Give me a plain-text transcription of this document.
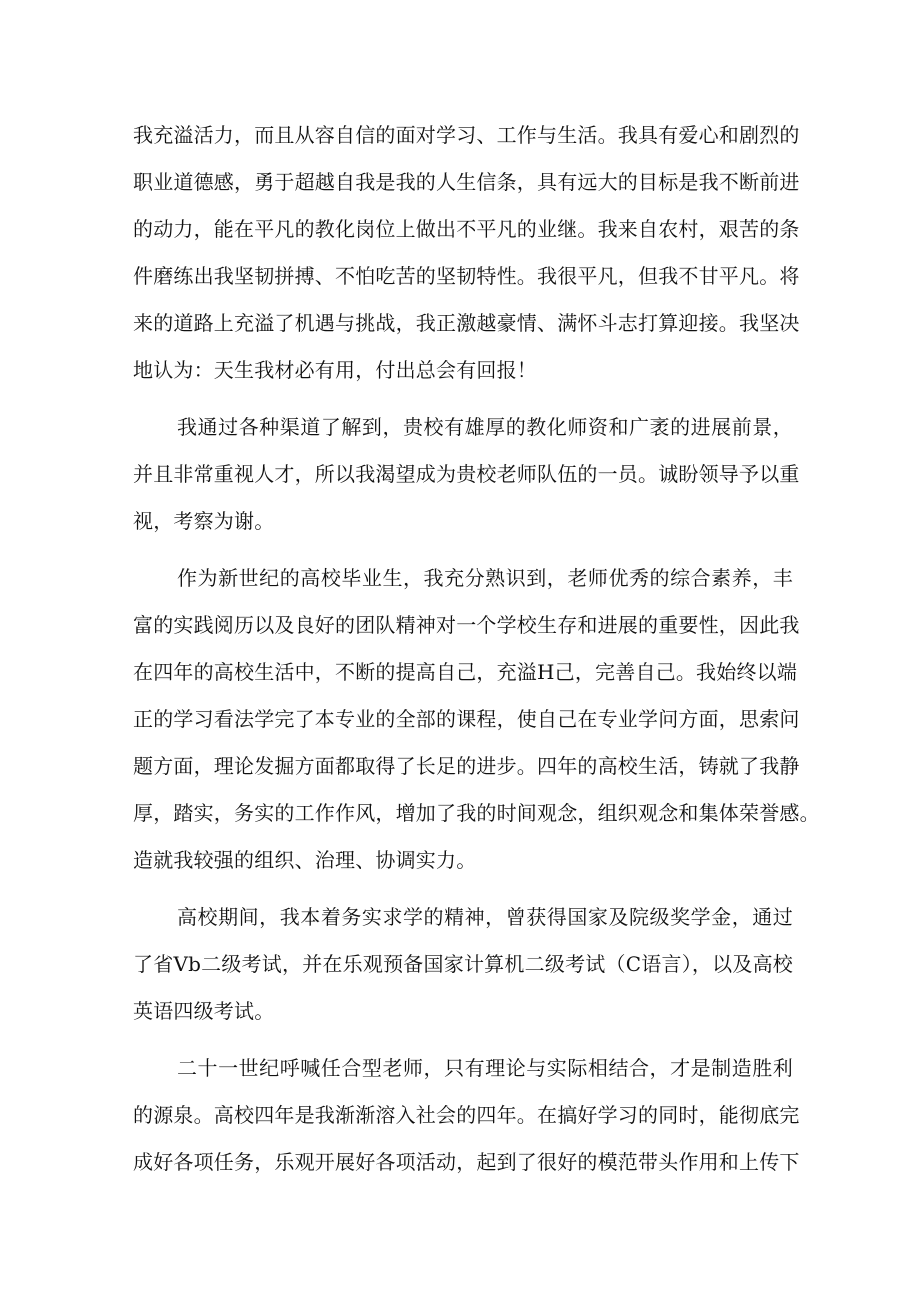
我充溢活力，而且从容自信的面对学习、工作与生活。我具有爱心和剧烈的
职业道德感，勇于超越自我是我的人生信条，具有远大的目标是我不断前进
的动力，能在平凡的教化岗位上做出不平凡的业继。我来自农村，艰苦的条
件磨练出我坚韧拼搏、不怕吃苦的坚韧特性。我很平凡，但我不甘平凡。将
来的道路上充溢了机遇与挑战，我正激越豪情、满怀斗志打算迎接。我坚决
地认为：天生我材必有用，付出总会有回报！
我通过各种渠道了解到，贵校有雄厚的教化师资和广袤的进展前景，
并且非常重视人才，所以我渴望成为贵校老师队伍的一员。诚盼领导予以重
视，考察为谢。
作为新世纪的高校毕业生，我充分熟识到，老师优秀的综合素养，丰
富的实践阅历以及良好的团队精神对一个学校生存和进展的重要性，因此我
在四年的高校生活中，不断的提高自己，充溢H己，完善自己。我始终以端
正的学习看法学完了本专业的全部的课程，使自己在专业学问方面，思索问
题方面，理论发掘方面都取得了长足的进步。四年的高校生活，铸就了我静
厚，踏实，务实的工作作风，增加了我的时间观念，组织观念和集体荣誉感。
造就我较强的组织、治理、协调实力。
高校期间，我本着务实求学的精神，曾获得国家及院级奖学金，通过
了省Vb二级考试，并在乐观预备国家计算机二级考试（C语言），以及高校
英语四级考试。
二十一世纪呼喊任合型老师，只有理论与实际相结合，才是制造胜利
的源泉。高校四年是我渐渐溶入社会的四年。在搞好学习的同时，能彻底完
成好各项任务，乐观开展好各项活动，起到了很好的模范带头作用和上传下
